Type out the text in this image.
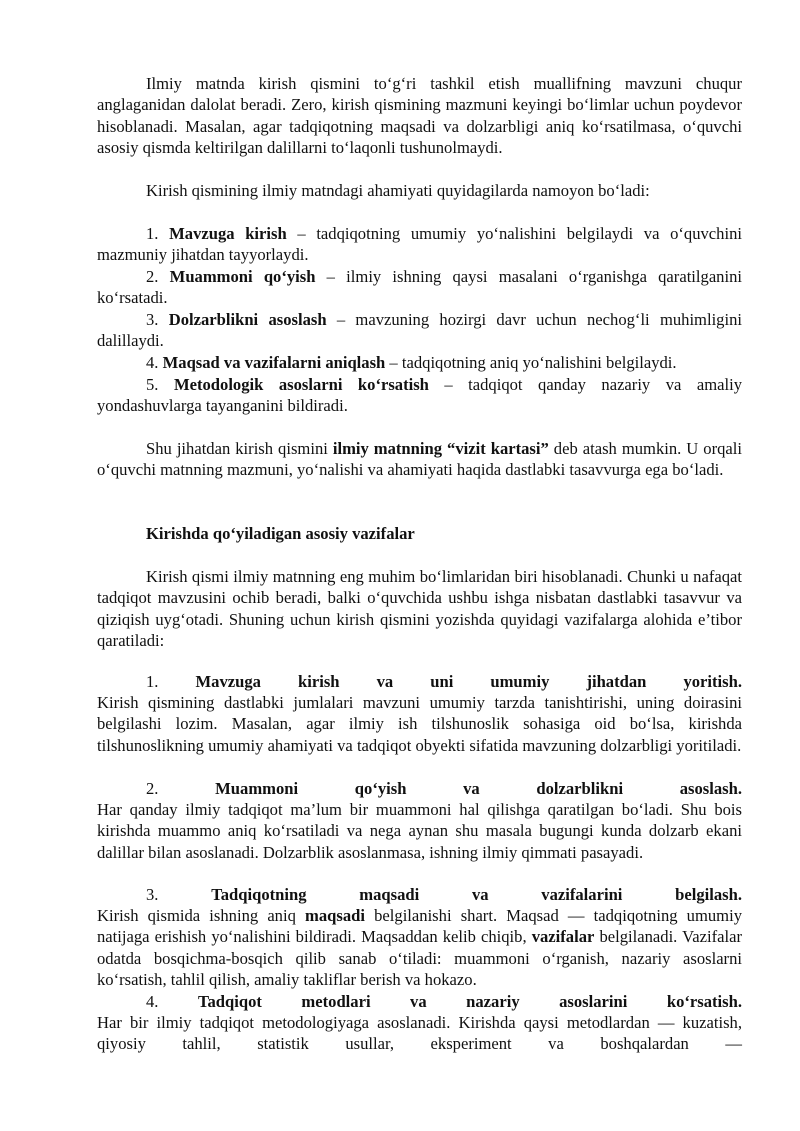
Ilmiy matnda kirish qismini to‘g‘ri tashkil etish muallifning mavzuni chuqur anglaganidan dalolat beradi. Zero, kirish qismining mazmuni keyingi bo‘limlar uchun poydevor hisoblanadi. Masalan, agar tadqiqotning maqsadi va dolzarbligi aniq ko‘rsatilmasa, o‘quvchi asosiy qismda keltirilgan dalillarni to‘laqonli tushunolmaydi.
Kirish qismining ilmiy matndagi ahamiyati quyidagilarda namoyon bo‘ladi:
1. Mavzuga kirish – tadqiqotning umumiy yo‘nalishini belgilaydi va o‘quvchini mazmuniy jihatdan tayyorlaydi.
2. Muammoni qo‘yish – ilmiy ishning qaysi masalani o‘rganishga qaratilganini ko‘rsatadi.
3. Dolzarblikni asoslash – mavzuning hozirgi davr uchun nechog‘li muhimligini dalillaydi.
4. Maqsad va vazifalarni aniqlash – tadqiqotning aniq yo‘nalishini belgilaydi.
5. Metodologik asoslarni ko‘rsatish – tadqiqot qanday nazariy va amaliy yondashuvlarga tayanganini bildiradi.
Shu jihatdan kirish qismini ilmiy matnning “vizit kartasi” deb atash mumkin. U orqali o‘quvchi matnning mazmuni, yo‘nalishi va ahamiyati haqida dastlabki tasavvurga ega bo‘ladi.
Kirishda qo‘yiladigan asosiy vazifalar
Kirish qismi ilmiy matnning eng muhim bo‘limlaridan biri hisoblanadi. Chunki u nafaqat tadqiqot mavzusini ochib beradi, balki o‘quvchida ushbu ishga nisbatan dastlabki tasavvur va qiziqish uyg‘otadi. Shuning uchun kirish qismini yozishda quyidagi vazifalarga alohida e’tibor qaratiladi:
1. Mavzuga kirish va uni umumiy jihatdan yoritish.
Kirish qismining dastlabki jumlalari mavzuni umumiy tarzda tanishtirishi, uning doirasini belgilashi lozim. Masalan, agar ilmiy ish tilshunoslik sohasiga oid bo‘lsa, kirishda tilshunoslikning umumiy ahamiyati va tadqiqot obyekti sifatida mavzuning dolzarbligi yoritiladi.
2.	Muammoni qo‘yish va dolzarblikni asoslash.
Har qanday ilmiy tadqiqot ma’lum bir muammoni hal qilishga qaratilgan bo‘ladi. Shu bois kirishda muammo aniq ko‘rsatiladi va nega aynan shu masala bugungi kunda dolzarb ekani dalillar bilan asoslanadi. Dolzarblik asoslanmasa, ishning ilmiy qimmati pasayadi.
3.	Tadqiqotning maqsadi va vazifalarini belgilash.
Kirish qismida ishning aniq maqsadi belgilanishi shart. Maqsad — tadqiqotning umumiy natijaga erishish yo‘nalishini bildiradi. Maqsaddan kelib chiqib, vazifalar belgilanadi. Vazifalar odatda bosqichma-bosqich qilib sanab o‘tiladi: muammoni o‘rganish, nazariy asoslarni ko‘rsatish, tahlil qilish, amaliy takliflar berish va hokazo.
4. Tadqiqot metodlari va nazariy asoslarini ko‘rsatish.
Har bir ilmiy tadqiqot metodologiyaga asoslanadi. Kirishda qaysi metodlardan — kuzatish, qiyosiy tahlil, statistik usullar, eksperiment va boshqalardan —
